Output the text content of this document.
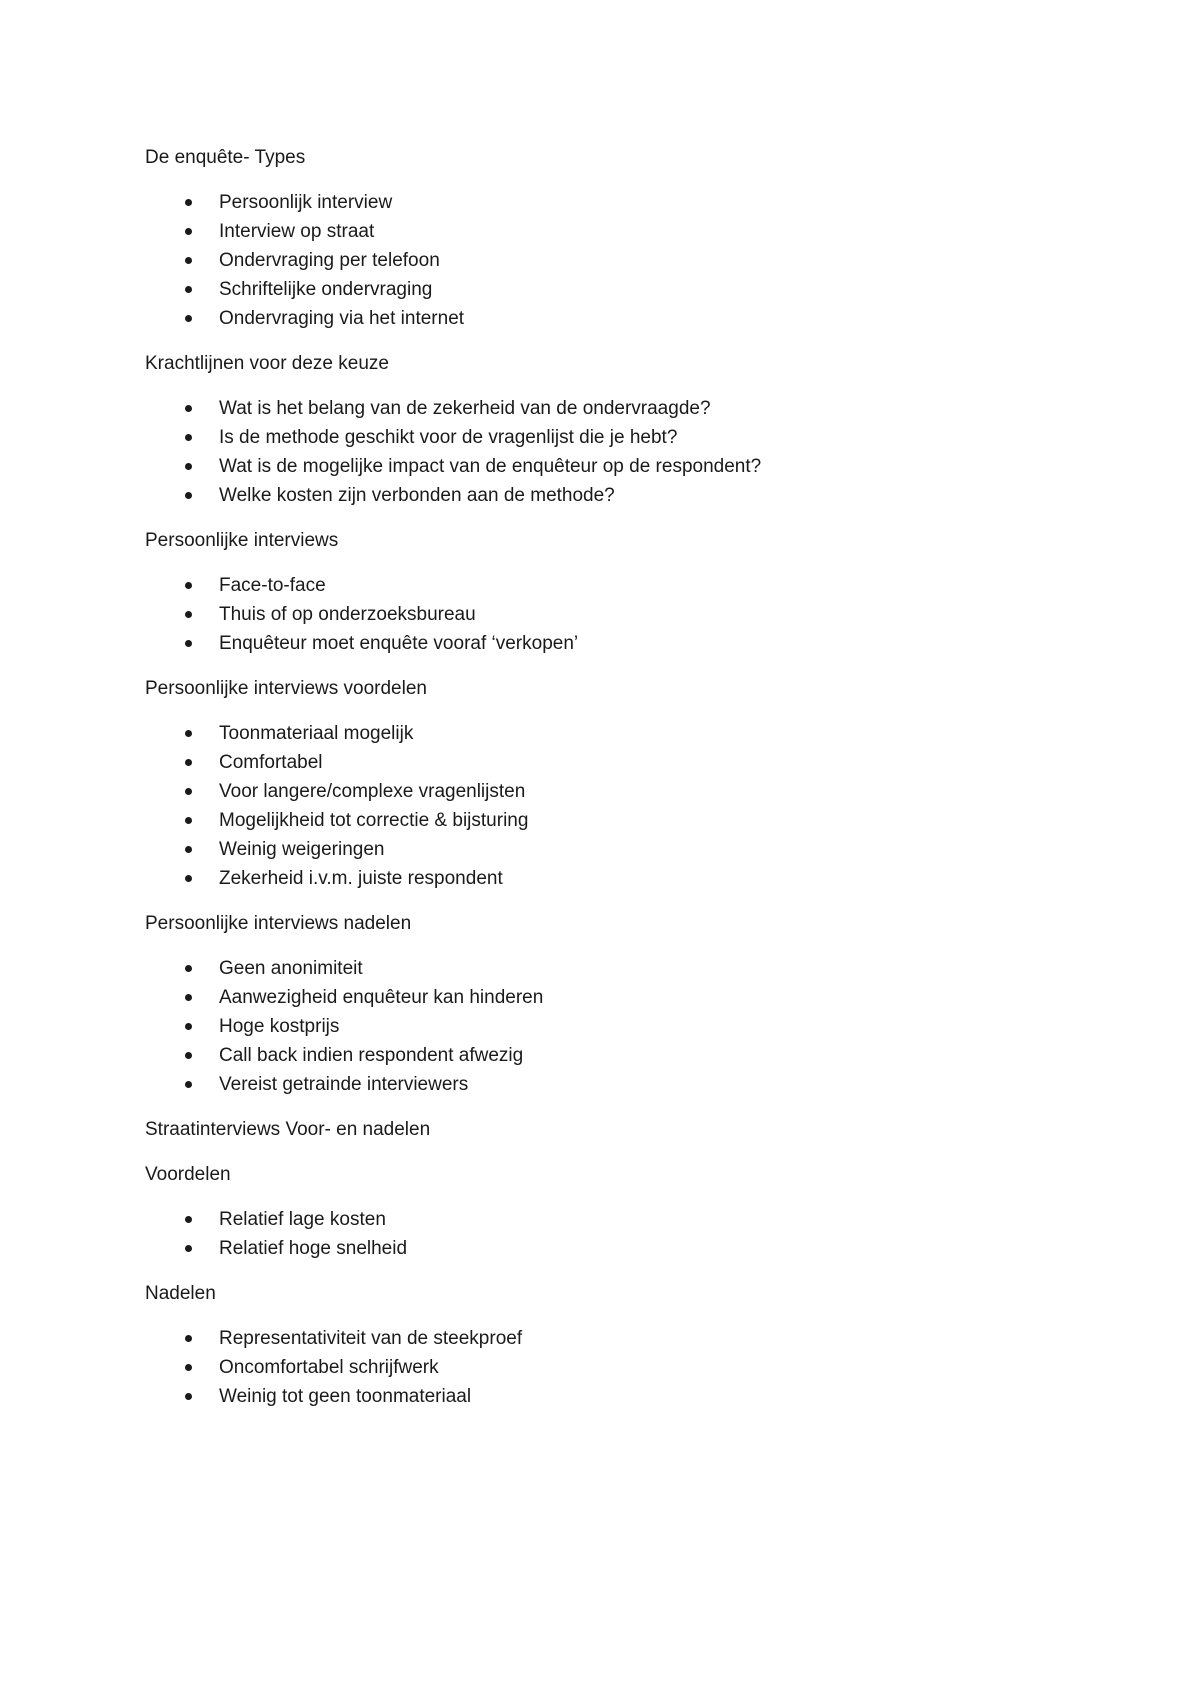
De enquête- Types
Persoonlijk interview
Interview op straat
Ondervraging per telefoon
Schriftelijke ondervraging
Ondervraging via het internet
Krachtlijnen voor deze keuze
Wat is het belang van de zekerheid van de ondervraagde?
Is de methode geschikt voor de vragenlijst die je hebt?
Wat is de mogelijke impact van de enquêteur op de respondent?
Welke kosten zijn verbonden aan de methode?
Persoonlijke interviews
Face-to-face
Thuis of op onderzoeksbureau
Enquêteur moet enquête vooraf ‘verkopen’
Persoonlijke interviews voordelen
Toonmateriaal mogelijk
Comfortabel
Voor langere/complexe vragenlijsten
Mogelijkheid tot correctie & bijsturing
Weinig weigeringen
Zekerheid i.v.m. juiste respondent
Persoonlijke interviews nadelen
Geen anonimiteit
Aanwezigheid enquêteur kan hinderen
Hoge kostprijs
Call back indien respondent afwezig
Vereist getrainde interviewers
Straatinterviews Voor- en nadelen
Voordelen
Relatief lage kosten
Relatief hoge snelheid
Nadelen
Representativiteit van de steekproef
Oncomfortabel schrijfwerk
Weinig tot geen toonmateriaal
